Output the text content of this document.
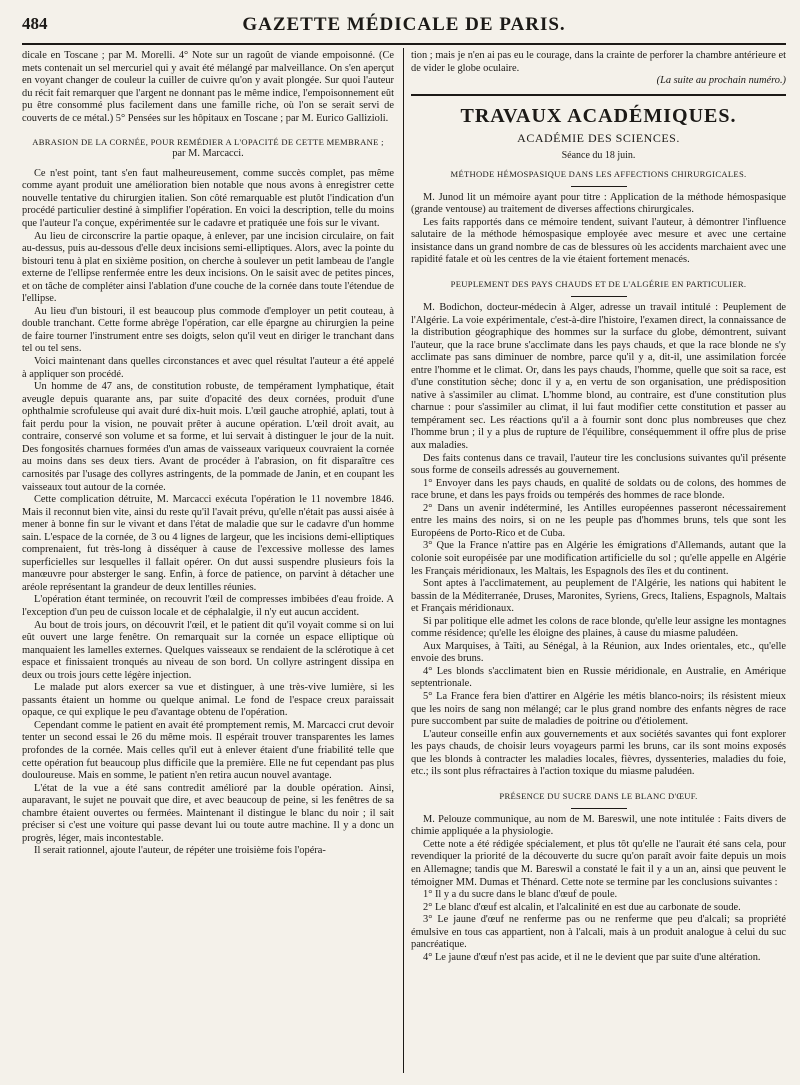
484	GAZETTE MÉDICALE DE PARIS.

dicale en Toscane ; par M. Morelli. 4° Note sur un ragoût de viande empoisonné. (Ce mets contenait un sel mercuriel qui y avait été mélangé par malveillance. On s'en aperçut en voyant changer de couleur la cuiller de cuivre qu'on y avait plongée. Sur quoi l'auteur du récit fait remarquer que l'argent ne donnant pas le même indice, l'empoisonnement eût pu être consommé plus facilement dans une famille riche, où l'on se serait servi de couverts de ce métal.) 5° Pensées sur les hôpitaux en Toscane ; par M. Eurico Gallizioli.

ABRASION DE LA CORNÉE, POUR REMÉDIER A L'OPACITÉ DE CETTE MEMBRANE ;
par M. Marcacci.

Ce n'est point, tant s'en faut malheureusement, comme succès complet, pas même comme ayant produit une amélioration bien notable que nous avons à enregistrer cette nouvelle tentative du chirurgien italien. Son côté remarquable est plutôt l'indication d'un procédé particulier destiné à simplifier l'opération. En voici la description, telle du moins que l'auteur l'a conçue, expérimentée sur le cadavre et pratiquée une fois sur le vivant.

Au lieu de circonscrire la partie opaque, à enlever, par une incision circulaire, on fait au-dessus, puis au-dessous d'elle deux incisions semi-elliptiques. Alors, avec la pointe du bistouri tenu à plat en sixième position, on cherche à soulever un petit lambeau de l'angle externe de l'ellipse renfermée entre les deux incisions. On le saisit avec de petites pinces, et on tâche de compléter ainsi l'ablation d'une couche de la cornée dans toute l'étendue de l'ellipse.

Au lieu d'un bistouri, il est beaucoup plus commode d'employer un petit couteau, à double tranchant. Cette forme abrège l'opération, car elle épargne au chirurgien la peine de faire tourner l'instrument entre ses doigts, selon qu'il veut en diriger le tranchant dans tel ou tel sens.

Voici maintenant dans quelles circonstances et avec quel résultat l'auteur a été appelé à appliquer son procédé.

Un homme de 47 ans, de constitution robuste, de tempérament lymphatique, était aveugle depuis quarante ans, par suite d'opacité des deux cornées, produit d'une ophthalmie scrofuleuse qui avait duré dix-huit mois. L'œil gauche atrophié, aplati, tout à fait perdu pour la vision, ne pouvait prêter à aucune opération. L'œil droit avait, au contraire, conservé son volume et sa forme, et lui servait à distinguer le jour de la nuit. Des fongosités charnues formées d'un amas de vaisseaux variqueux couvraient la cornée au moins dans ses deux tiers. Avant de procéder à l'abrasion, on fit disparaître ces carnosités par l'usage des collyres astringents, de la pommade de Janin, et en coupant les vaisseaux tout autour de la cornée.

Cette complication détruite, M. Marcacci exécuta l'opération le 11 novembre 1846. Mais il reconnut bien vite, ainsi du reste qu'il l'avait prévu, qu'elle n'était pas aussi aisée à mener à bonne fin sur le vivant et dans l'état de maladie que sur le cadavre d'un homme sain. L'espace de la cornée, de 3 ou 4 lignes de largeur, que les incisions demi-elliptiques comprenaient, fut très-long à disséquer à cause de l'excessive mollesse des lames superficielles sur lesquelles il fallait opérer. On dut aussi suspendre plusieurs fois la manœuvre pour absterger le sang. Enfin, à force de patience, on parvint à détacher une aréole représentant la grandeur de deux lentilles réunies.

L'opération étant terminée, on recouvrit l'œil de compresses imbibées d'eau froide. A l'exception d'un peu de cuisson locale et de céphalalgie, il n'y eut aucun accident.

Au bout de trois jours, on découvrit l'œil, et le patient dit qu'il voyait comme si on lui eût ouvert une large fenêtre. On remarquait sur la cornée un espace elliptique où manquaient les lamelles externes. Quelques vaisseaux se rendaient de la sclérotique à cet espace et finissaient tronqués au niveau de son bord. Un collyre astringent dissipa en deux ou trois jours cette légère injection.

Le malade put alors exercer sa vue et distinguer, à une très-vive lumière, si les passants étaient un homme ou quelque animal. Le fond de l'espace creux paraissait opaque, ce qui explique le peu d'avantage obtenu de l'opération.

Cependant comme le patient en avait été promptement remis, M. Marcacci crut devoir tenter un second essai le 26 du même mois. Il espérait trouver transparentes les lames profondes de la cornée. Mais celles qu'il eut à enlever étaient d'une friabilité telle que cette opération fut beaucoup plus difficile que la première. Elle ne fut cependant pas plus douloureuse. Mais en somme, le patient n'en retira aucun nouvel avantage.

L'état de la vue a été sans contredit amélioré par la double opération. Ainsi, auparavant, le sujet ne pouvait que dire, et avec beaucoup de peine, si les fenêtres de sa chambre étaient ouvertes ou fermées. Maintenant il distingue le blanc du noir ; il sait préciser si c'est une voiture qui passe devant lui ou toute autre machine. Il y a donc un progrès, léger, mais incontestable.

Il serait rationnel, ajoute l'auteur, de répéter une troisième fois l'opéra-

tion ; mais je n'en ai pas eu le courage, dans la crainte de perforer la chambre antérieure et de vider le globe oculaire.

(La suite au prochain numéro.)

TRAVAUX ACADÉMIQUES.
ACADÉMIE DES SCIENCES.
Séance du 18 juin.
MÉTHODE HÉMOSPASIQUE DANS LES AFFECTIONS CHIRURGICALES.

M. Junod lit un mémoire ayant pour titre : Application de la méthode hémospasique (grande ventouse) au traitement de diverses affections chirurgicales.

Les faits rapportés dans ce mémoire tendent, suivant l'auteur, à démontrer l'influence salutaire de la méthode hémospasique employée avec mesure et avec une certaine insistance dans un grand nombre de cas de blessures où les accidents marchaient avec une rapidité fatale et où les centres de la vie étaient fortement menacés.

PEUPLEMENT DES PAYS CHAUDS ET DE L'ALGÉRIE EN PARTICULIER.

M. Bodichon, docteur-médecin à Alger, adresse un travail intitulé : Peuplement de l'Algérie. La voie expérimentale, c'est-à-dire l'histoire, l'examen direct, la connaissance de la distribution géographique des hommes sur la surface du globe, démontrent, suivant l'auteur, que la race brune s'acclimate dans les pays chauds, et que la race blonde ne s'y acclimate pas sans diminuer de nombre, parce qu'il y a, dit-il, une assimilation forcée entre l'homme et le climat. Or, dans les pays chauds, l'homme, quelle que soit sa race, est d'une constitution sèche; donc il y a, en vertu de son organisation, une prédisposition native à s'assimiler au climat. L'homme blond, au contraire, est d'une constitution plus charnue : pour s'assimiler au climat, il lui faut modifier cette constitution et passer au tempérament sec. Les réactions qu'il a à fournir sont donc plus nombreuses que chez l'homme brun ; il y a plus de rupture de l'équilibre, conséquemment il offre plus de prise aux maladies.

Des faits contenus dans ce travail, l'auteur tire les conclusions suivantes qu'il présente sous forme de conseils adressés au gouvernement.

1° Envoyer dans les pays chauds, en qualité de soldats ou de colons, des hommes de race brune, et dans les pays froids ou tempérés des hommes de race blonde.

2° Dans un avenir indéterminé, les Antilles européennes passeront nécessairement entre les mains des noirs, si on ne les peuple pas d'hommes bruns, tels que sont les Européens de Porto-Rico et de Cuba.

3° Que la France n'attire pas en Algérie les émigrations d'Allemands, autant que la colonie soit européisée par une modification artificielle du sol ; qu'elle appelle en Algérie les Français méridionaux, les Maltais, les Espagnols des îles et du continent.

Sont aptes à l'acclimatement, au peuplement de l'Algérie, les nations qui habitent le bassin de la Méditerranée, Druses, Maronites, Syriens, Grecs, Italiens, Espagnols, Maltais et Français méridionaux.

Si par politique elle admet les colons de race blonde, qu'elle leur assigne les montagnes comme résidence; qu'elle les éloigne des plaines, à cause du miasme paludéen.

Aux Marquises, à Taïti, au Sénégal, à la Réunion, aux Indes orientales, etc., qu'elle envoie des bruns.

4° Les blonds s'acclimatent bien en Russie méridionale, en Australie, en Amérique septentrionale.

5° La France fera bien d'attirer en Algérie les métis blanco-noirs; ils résistent mieux que les noirs de sang non mélangé; car le plus grand nombre des enfants nègres de race pure succombent par suite de maladies de poitrine ou d'étiolement.

L'auteur conseille enfin aux gouvernements et aux sociétés savantes qui font explorer les pays chauds, de choisir leurs voyageurs parmi les bruns, car ils sont moins exposés que les blonds à contracter les maladies locales, fièvres, dyssenteries, maladies du foie, etc.; ils sont plus réfractaires à l'action toxique du miasme paludéen.

PRÉSENCE DU SUCRE DANS LE BLANC D'ŒUF.

M. Pelouze communique, au nom de M. Bareswil, une note intitulée : Faits divers de chimie appliquée a la physiologie.

Cette note a été rédigée spécialement, et plus tôt qu'elle ne l'aurait été sans cela, pour revendiquer la priorité de la découverte du sucre qu'on paraît avoir faite depuis un mois en Allemagne; tandis que M. Bareswil a constaté le fait il y a un an, ainsi que peuvent le témoigner MM. Dumas et Thénard. Cette note se termine par les conclusions suivantes :

1° Il y a du sucre dans le blanc d'œuf de poule.

2° Le blanc d'œuf est alcalin, et l'alcalinité en est due au carbonate de soude.

3° Le jaune d'œuf ne renferme pas ou ne renferme que peu d'alcali; sa propriété émulsive en tous cas appartient, non à l'alcali, mais à un produit analogue à celui du suc pancréatique.

4° Le jaune d'œuf n'est pas acide, et il ne le devient que par suite d'une altération.
